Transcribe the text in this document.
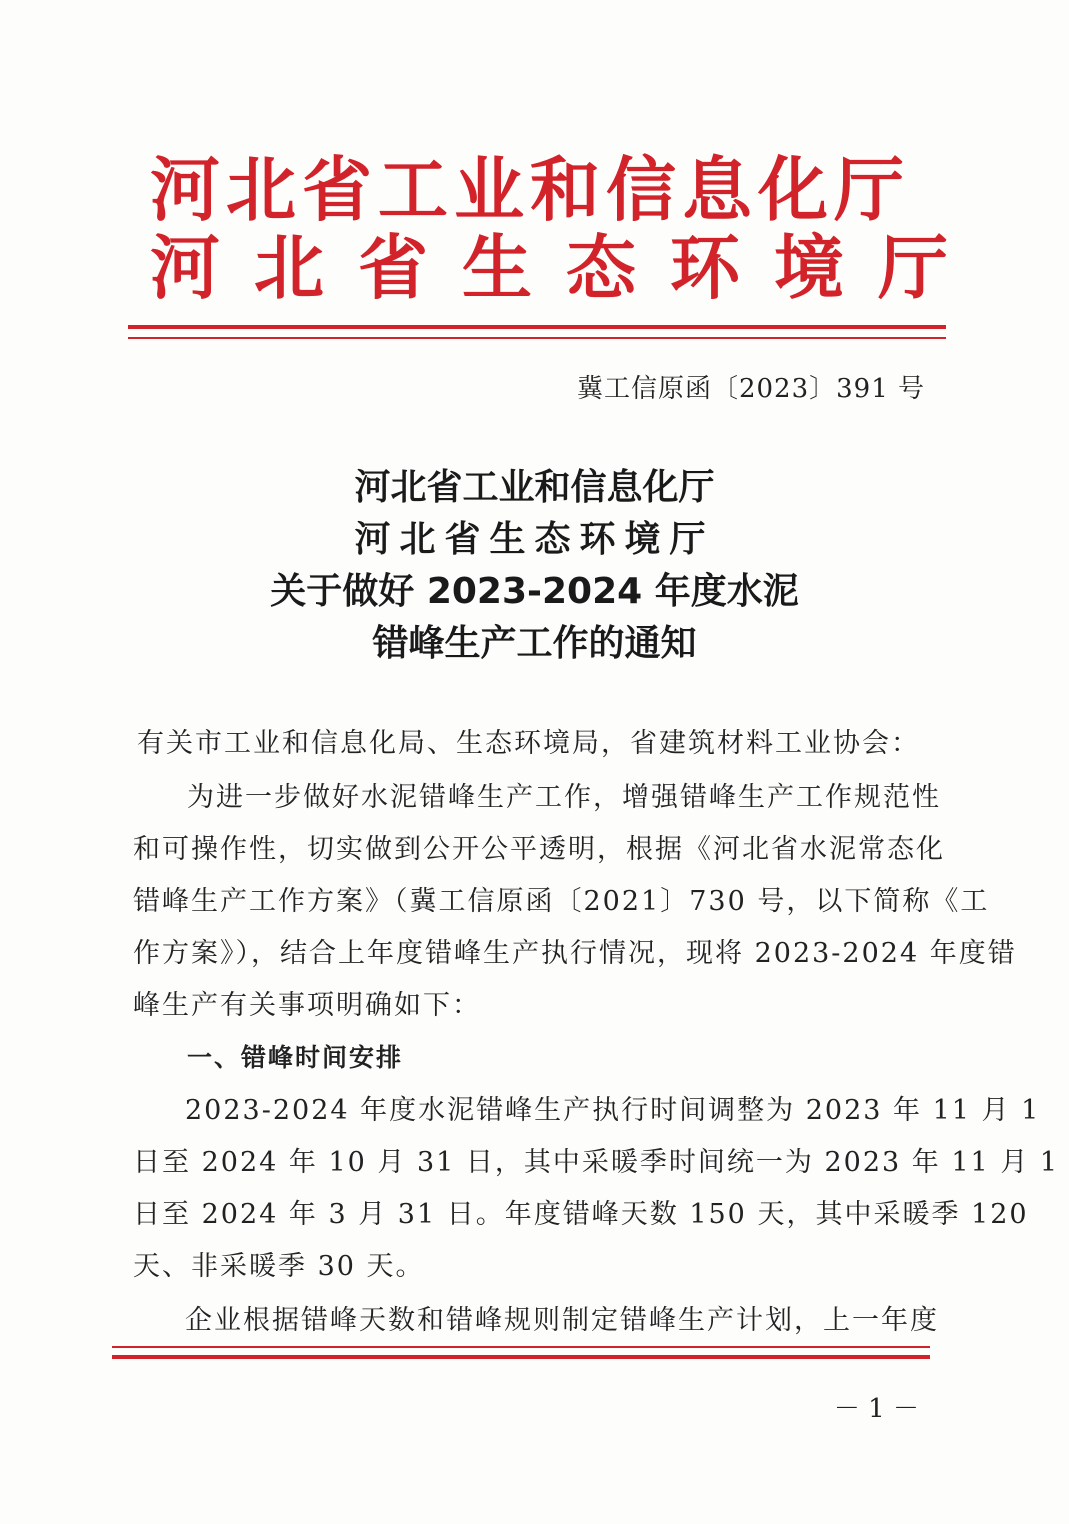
河北省工业和信息化厅
河北省生态环境厅
冀工信原函〔2023〕391 号
河北省工业和信息化厅
河北省生态环境厅
关于做好 2023-2024 年度水泥
错峰生产工作的通知
有关市工业和信息化局、生态环境局，省建筑材料工业协会：
为进一步做好水泥错峰生产工作，增强错峰生产工作规范性
和可操作性，切实做到公开公平透明，根据《河北省水泥常态化
错峰生产工作方案》（冀工信原函〔2021〕730 号，以下简称《工
作方案》），结合上年度错峰生产执行情况，现将 2023-2024 年度错
峰生产有关事项明确如下：
一、错峰时间安排
2023-2024 年度水泥错峰生产执行时间调整为 2023 年 11 月 1
日至 2024 年 10 月 31 日，其中采暖季时间统一为 2023 年 11 月 1
日至 2024 年 3 月 31 日。年度错峰天数 150 天，其中采暖季 120
天、非采暖季 30 天。
企业根据错峰天数和错峰规则制定错峰生产计划，上一年度
－ 1 －
